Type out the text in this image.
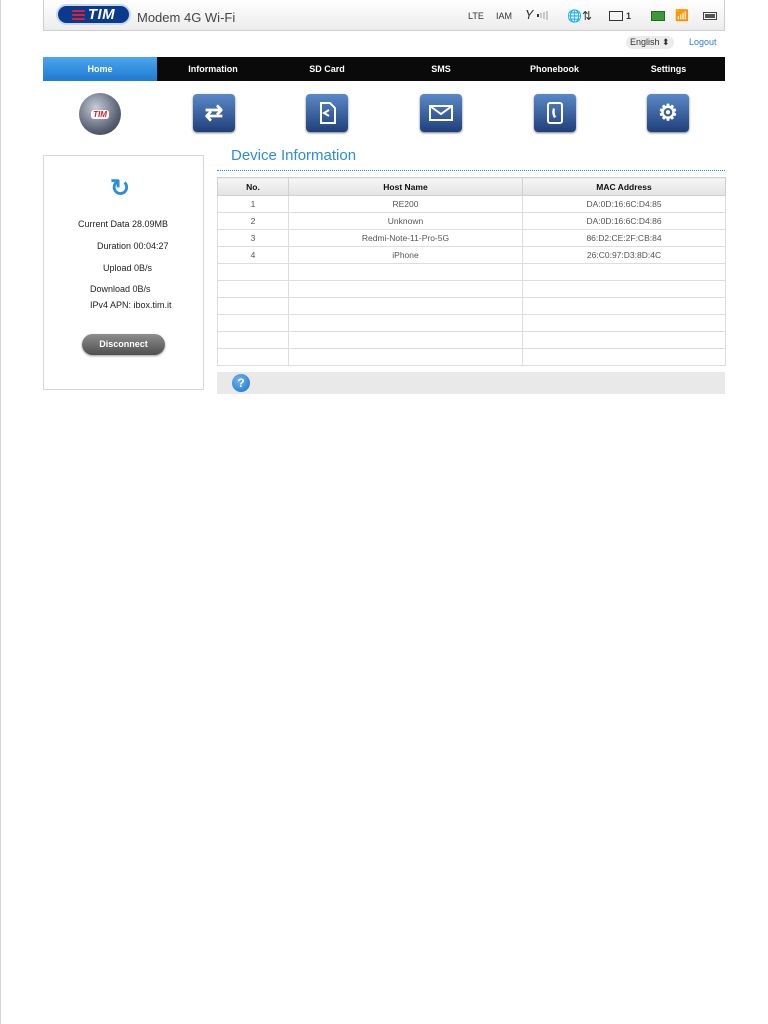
TIM Modem 4G Wi-Fi	LTE IAM 𝛶	🌐⇅	1	📶
English ⬍	Logout
Home	Information	SD Card	SMS	Phonebook	Settings
TIM	⇄	⚙
↻
Current Data 28.09MB
Duration 00:04:27
Upload 0B/s
Download 0B/s
IPv4 APN: ibox.tim.it
Disconnect
Device Information
No.	Host Name	MAC Address
1	RE200	DA:0D:16:6C:D4:85
2	Unknown	DA:0D:16:6C:D4:86
3	Redmi-Note-11-Pro-5G	86:D2:CE:2F:CB:84
4	iPhone	26:C0:97:D3:8D:4C

?
